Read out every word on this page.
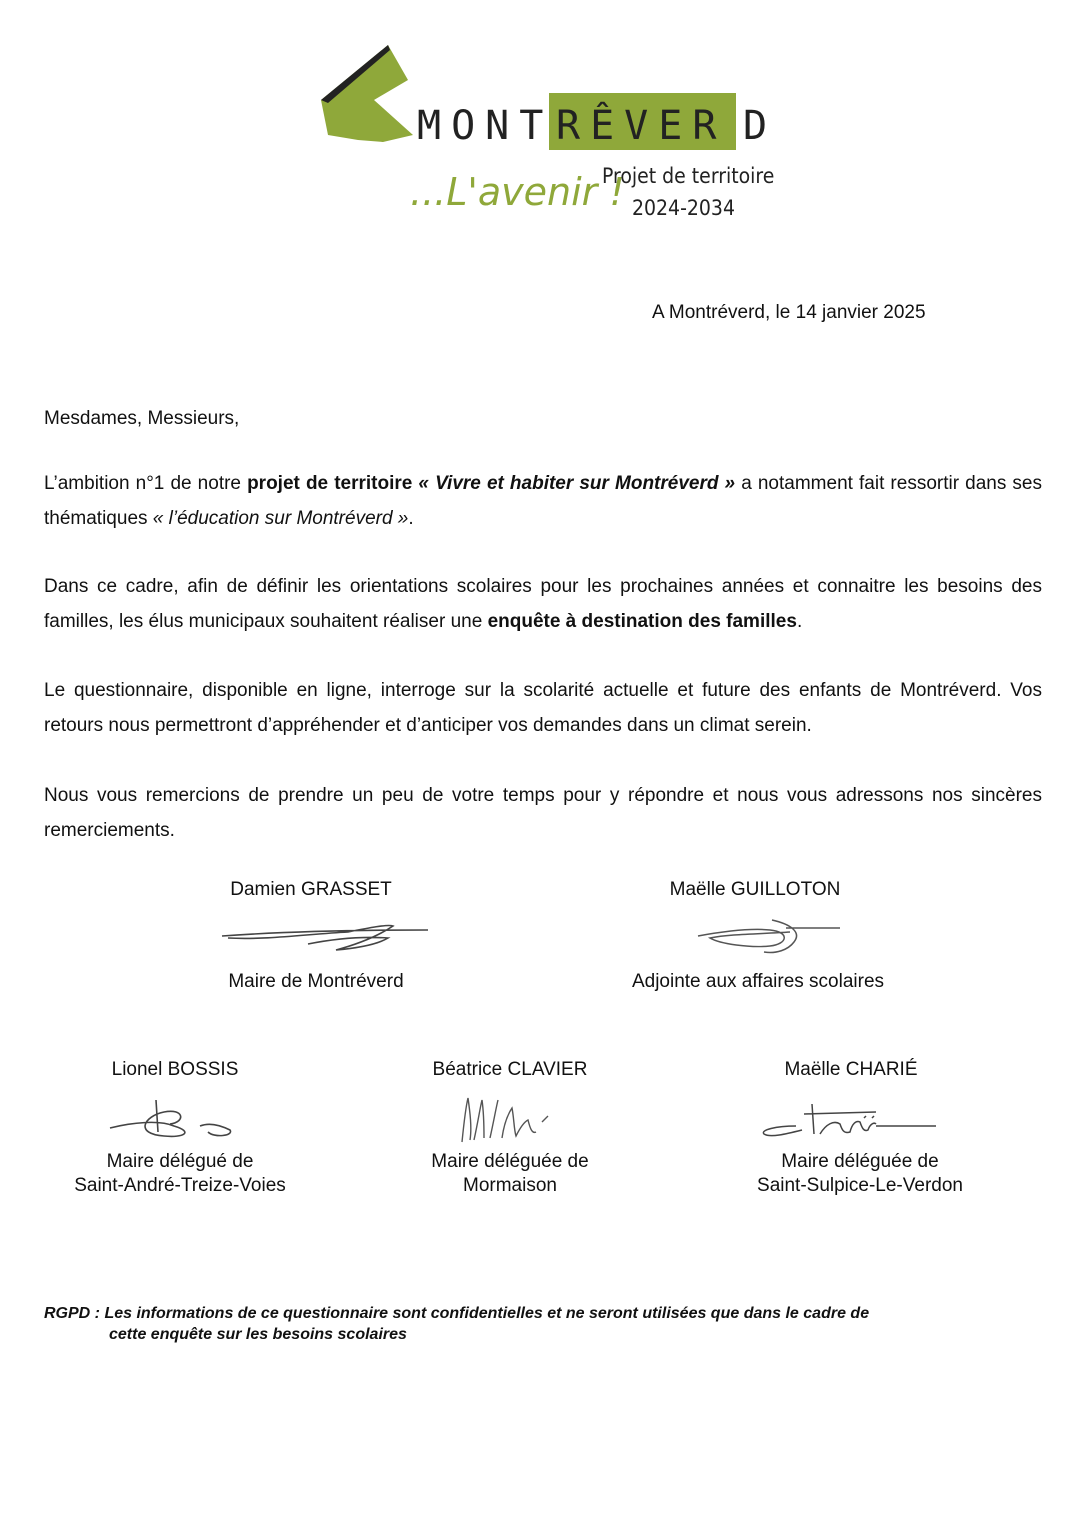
MONT RÊVER D
...L'avenir !
Projet de territoire
2024-2034
A Montréverd, le 14 janvier 2025
Mesdames, Messieurs,
L’ambition n°1 de notre projet de territoire « Vivre et habiter sur Montréverd » a notamment fait ressortir dans ses thématiques « l’éducation sur Montréverd ».
Dans ce cadre, afin de définir les orientations scolaires pour les prochaines années et connaitre les besoins des familles, les élus municipaux souhaitent réaliser une enquête à destination des familles.
Le questionnaire, disponible en ligne, interroge sur la scolarité actuelle et future des enfants de Montréverd. Vos retours nous permettront d’appréhender et d’anticiper vos demandes dans un climat serein.
Nous vous remercions de prendre un peu de votre temps pour y répondre et nous vous adressons nos sincères remerciements.
Damien GRASSET
Maire de Montréverd
Maëlle GUILLOTON
Adjointe aux affaires scolaires
Lionel BOSSIS
Maire délégué de
Saint-André-Treize-Voies
Béatrice CLAVIER
Maire déléguée de
Mormaison
Maëlle CHARIÉ
Maire déléguée de
Saint-Sulpice-Le-Verdon
RGPD : Les informations de ce questionnaire sont confidentielles et ne seront utilisées que dans le cadre de
cette enquête sur les besoins scolaires
